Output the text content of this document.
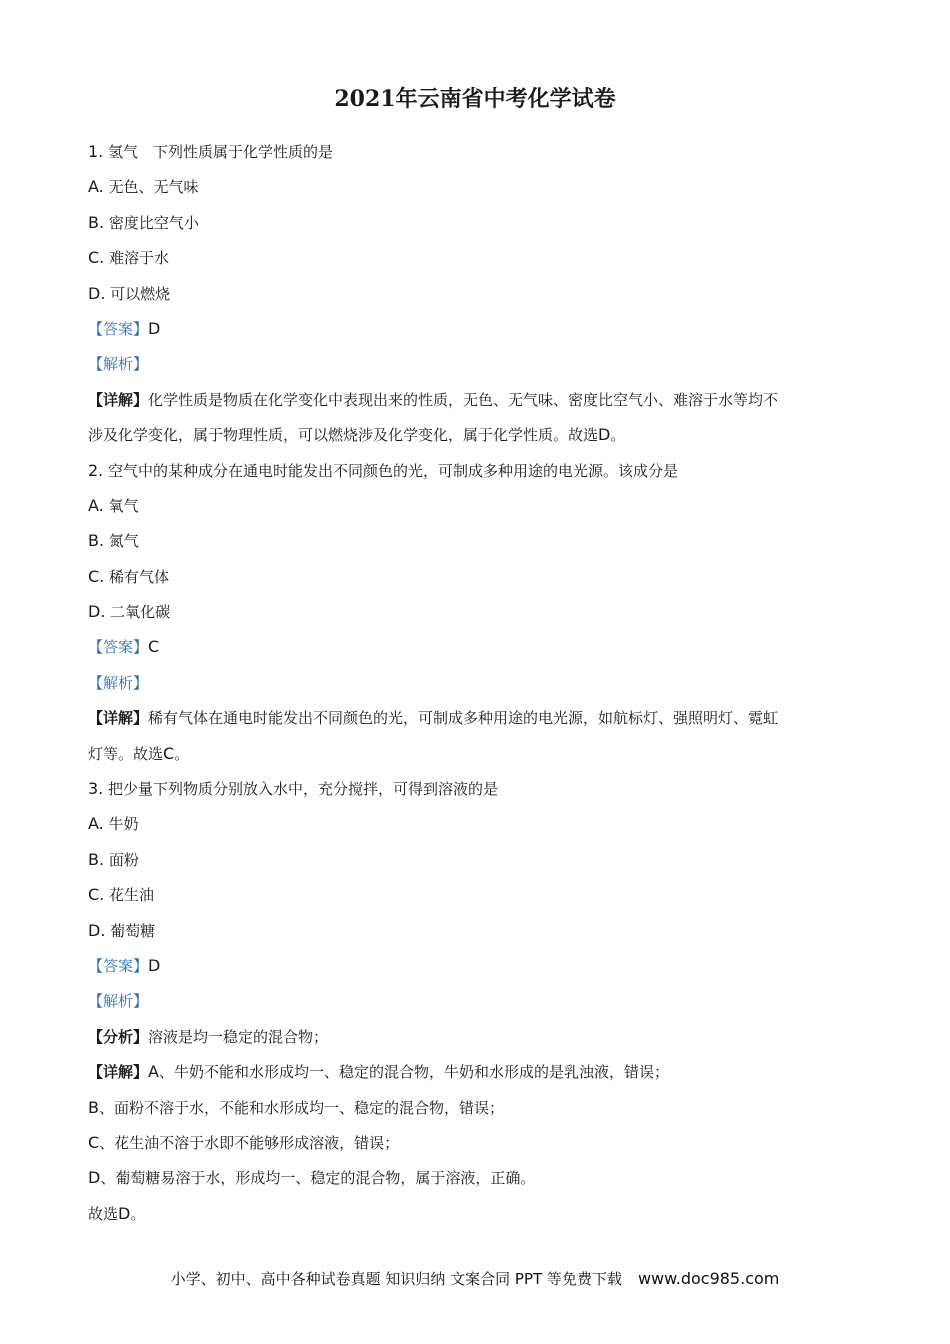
2021年云南省中考化学试卷
1. 氢气　下列性质属于化学性质的是
A. 无色、无气味
B. 密度比空气小
C. 难溶于水
D. 可以燃烧
【答案】D
【解析】
【详解】化学性质是物质在化学变化中表现出来的性质，无色、无气味、密度比空气小、难溶于水等均不
涉及化学变化，属于物理性质，可以燃烧涉及化学变化，属于化学性质。故选D。
2. 空气中的某种成分在通电时能发出不同颜色的光，可制成多种用途的电光源。该成分是
A. 氧气
B. 氮气
C. 稀有气体
D. 二氧化碳
【答案】C
【解析】
【详解】稀有气体在通电时能发出不同颜色的光，可制成多种用途的电光源，如航标灯、强照明灯、霓虹
灯等。故选C。
3. 把少量下列物质分别放入水中，充分搅拌，可得到溶液的是
A. 牛奶
B. 面粉
C. 花生油
D. 葡萄糖
【答案】D
【解析】
【分析】溶液是均一稳定的混合物；
【详解】A、牛奶不能和水形成均一、稳定的混合物，牛奶和水形成的是乳浊液，错误；
B、面粉不溶于水，不能和水形成均一、稳定的混合物，错误；
C、花生油不溶于水即不能够形成溶液，错误；
D、葡萄糖易溶于水，形成均一、稳定的混合物，属于溶液，正确。
故选D。
小学、初中、高中各种试卷真题 知识归纳 文案合同 PPT 等免费下载 www.doc985.com
